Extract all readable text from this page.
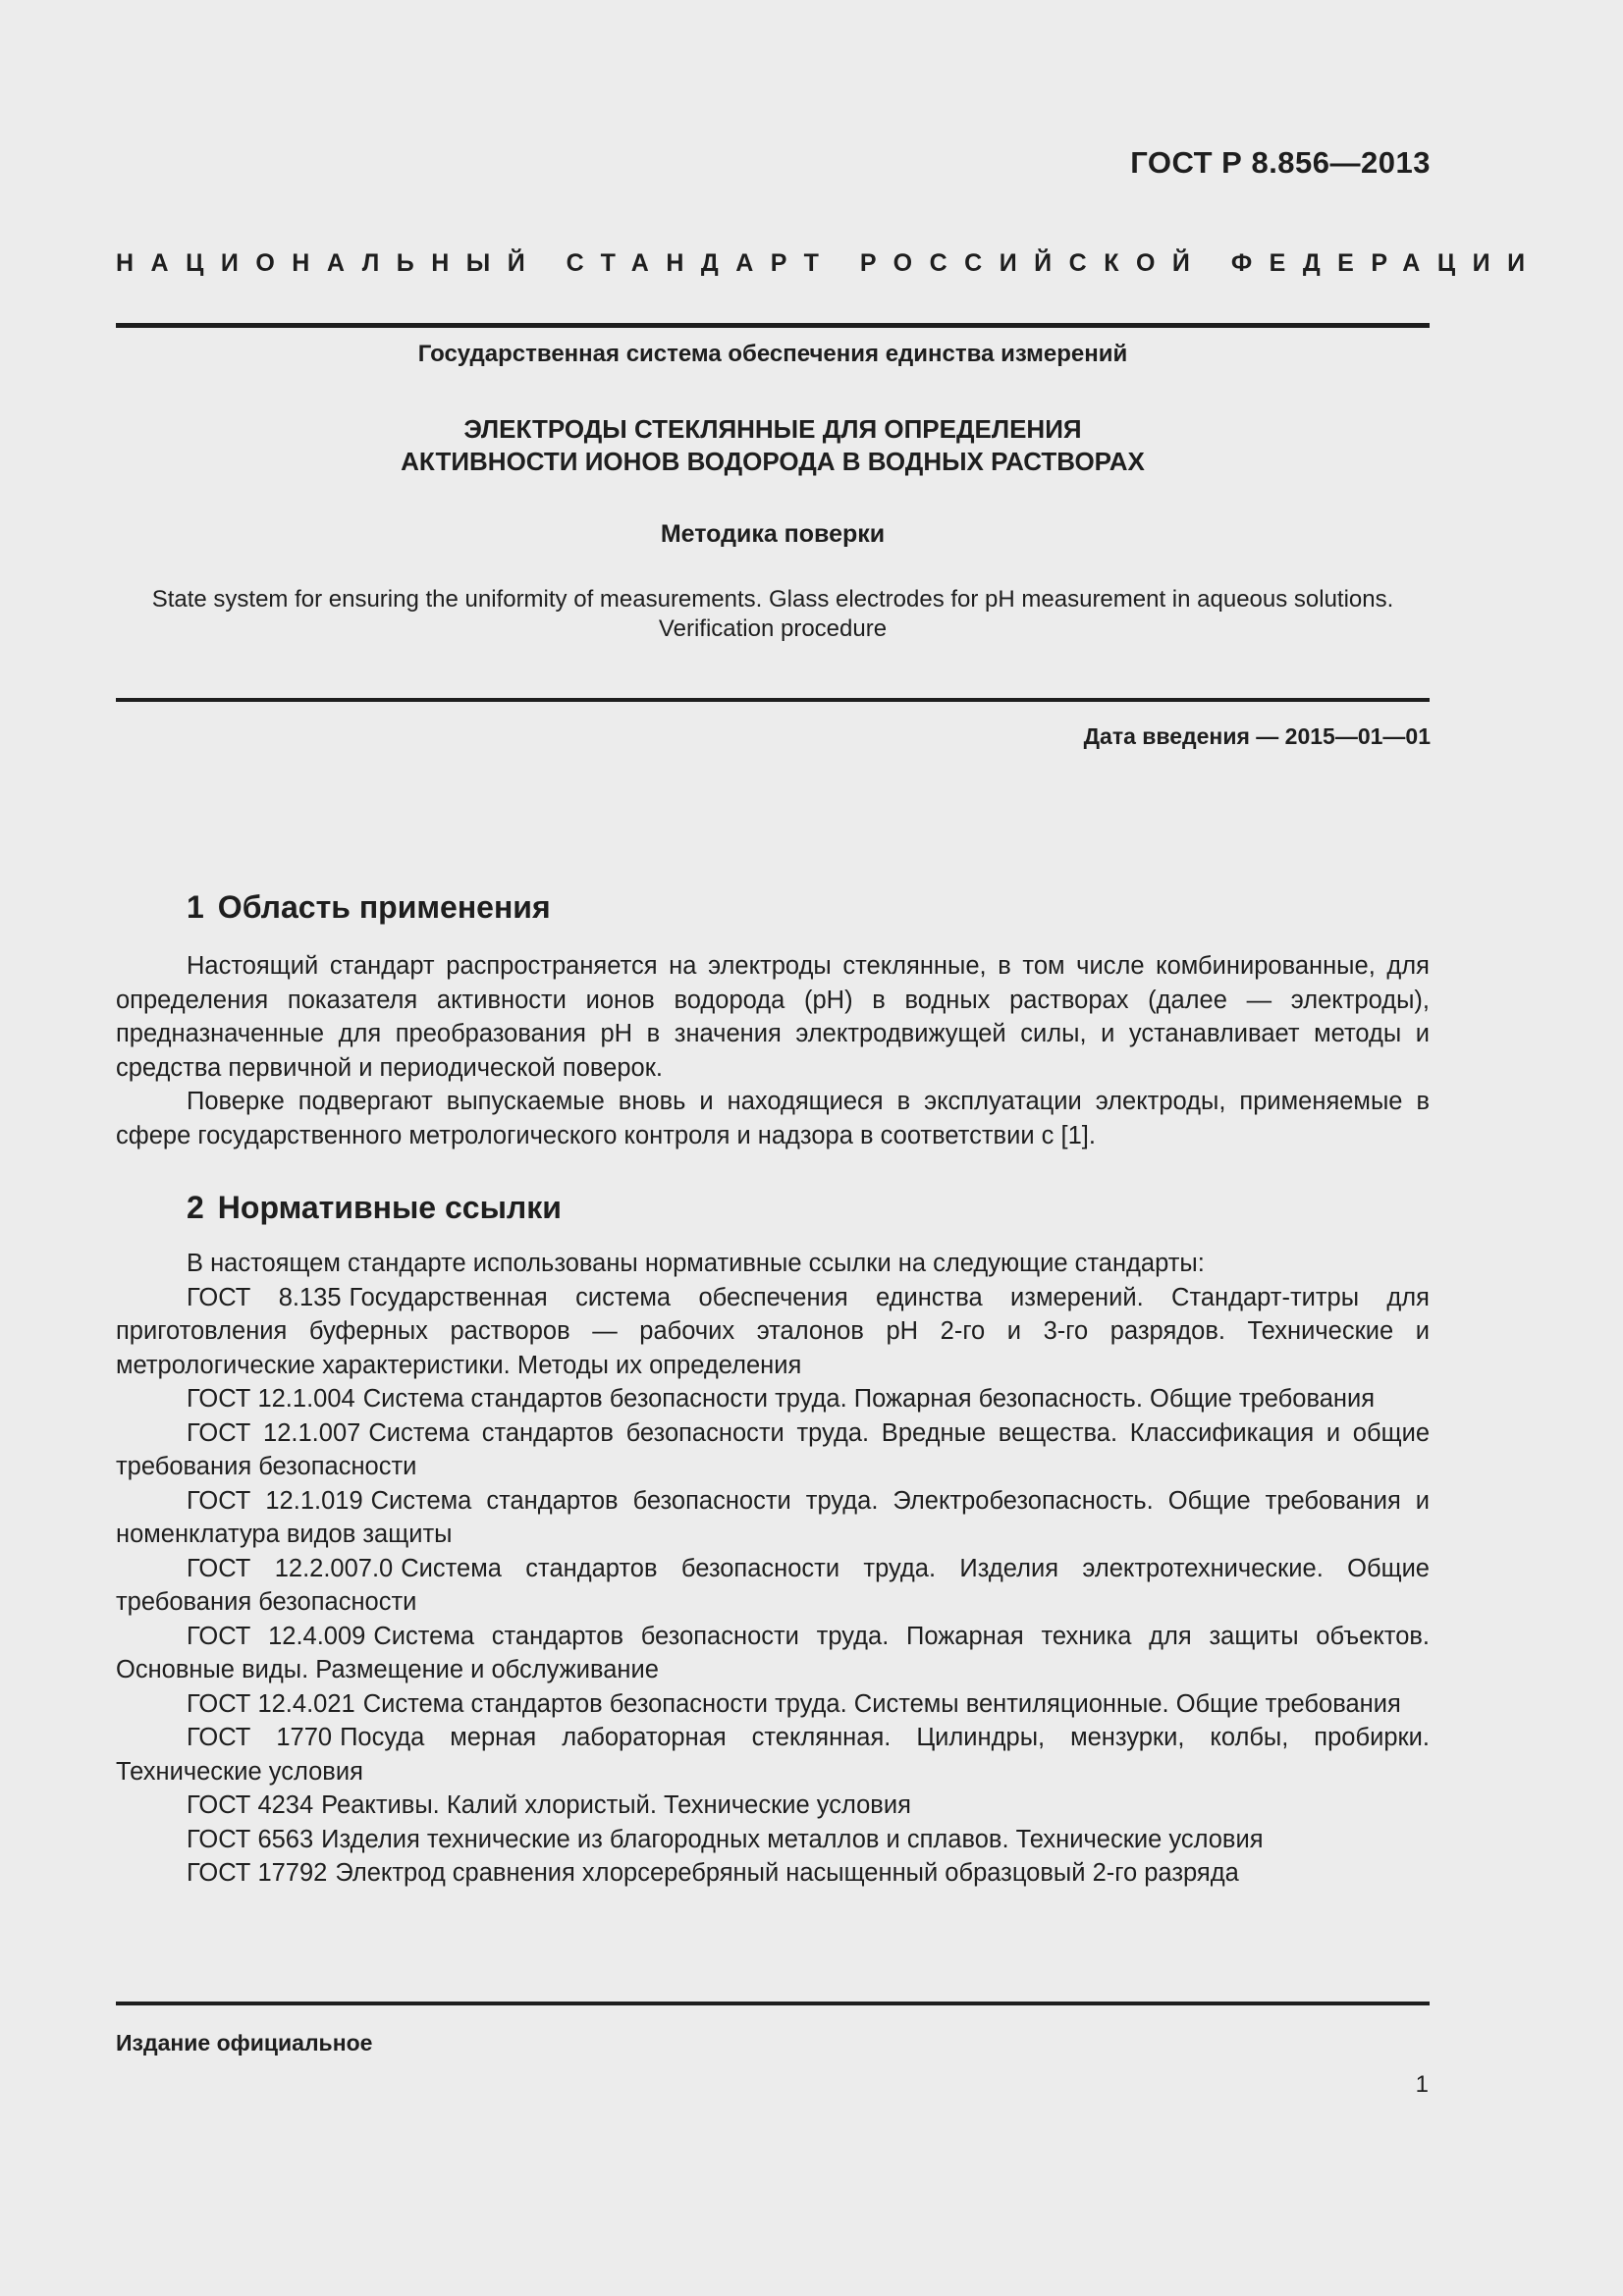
ГОСТ Р 8.856—2013
НАЦИОНАЛЬНЫЙ СТАНДАРТ РОССИЙСКОЙ ФЕДЕРАЦИИ
Государственная система обеспечения единства измерений
ЭЛЕКТРОДЫ СТЕКЛЯННЫЕ ДЛЯ ОПРЕДЕЛЕНИЯ
АКТИВНОСТИ ИОНОВ ВОДОРОДА В ВОДНЫХ РАСТВОРАХ
Методика поверки
State system for ensuring the uniformity of measurements. Glass electrodes for pH measurement in aqueous solutions.
Verification procedure
Дата введения — 2015—01—01
1 Область применения

Настоящий стандарт распространяется на электроды стеклянные, в том числе комбинированные, для определения показателя активности ионов водорода (pH) в водных растворах (далее — электроды), предназначенные для преобразования pH в значения электродвижущей силы, и устанавливает методы и средства первичной и периодической поверок.

Поверке подвергают выпускаемые вновь и находящиеся в эксплуатации электроды, применяемые в сфере государственного метрологического контроля и надзора в соответствии с [1].

2 Нормативные ссылки

В настоящем стандарте использованы нормативные ссылки на следующие стандарты:

ГОСТ 8.135 Государственная система обеспечения единства измерений. Стандарт-титры для приготовления буферных растворов — рабочих эталонов pH 2-го и 3-го разрядов. Технические и метрологические характеристики. Методы их определения

ГОСТ 12.1.004 Система стандартов безопасности труда. Пожарная безопасность. Общие требования

ГОСТ 12.1.007 Система стандартов безопасности труда. Вредные вещества. Классификация и общие требования безопасности

ГОСТ 12.1.019 Система стандартов безопасности труда. Электробезопасность. Общие требования и номенклатура видов защиты

ГОСТ 12.2.007.0 Система стандартов безопасности труда. Изделия электротехнические. Общие требования безопасности

ГОСТ 12.4.009 Система стандартов безопасности труда. Пожарная техника для защиты объектов. Основные виды. Размещение и обслуживание

ГОСТ 12.4.021 Система стандартов безопасности труда. Системы вентиляционные. Общие требования

ГОСТ 1770 Посуда мерная лабораторная стеклянная. Цилиндры, мензурки, колбы, пробирки. Технические условия

ГОСТ 4234 Реактивы. Калий хлористый. Технические условия

ГОСТ 6563 Изделия технические из благородных металлов и сплавов. Технические условия

ГОСТ 17792 Электрод сравнения хлорсеребряный насыщенный образцовый 2-го разряда

Издание официальное
1
